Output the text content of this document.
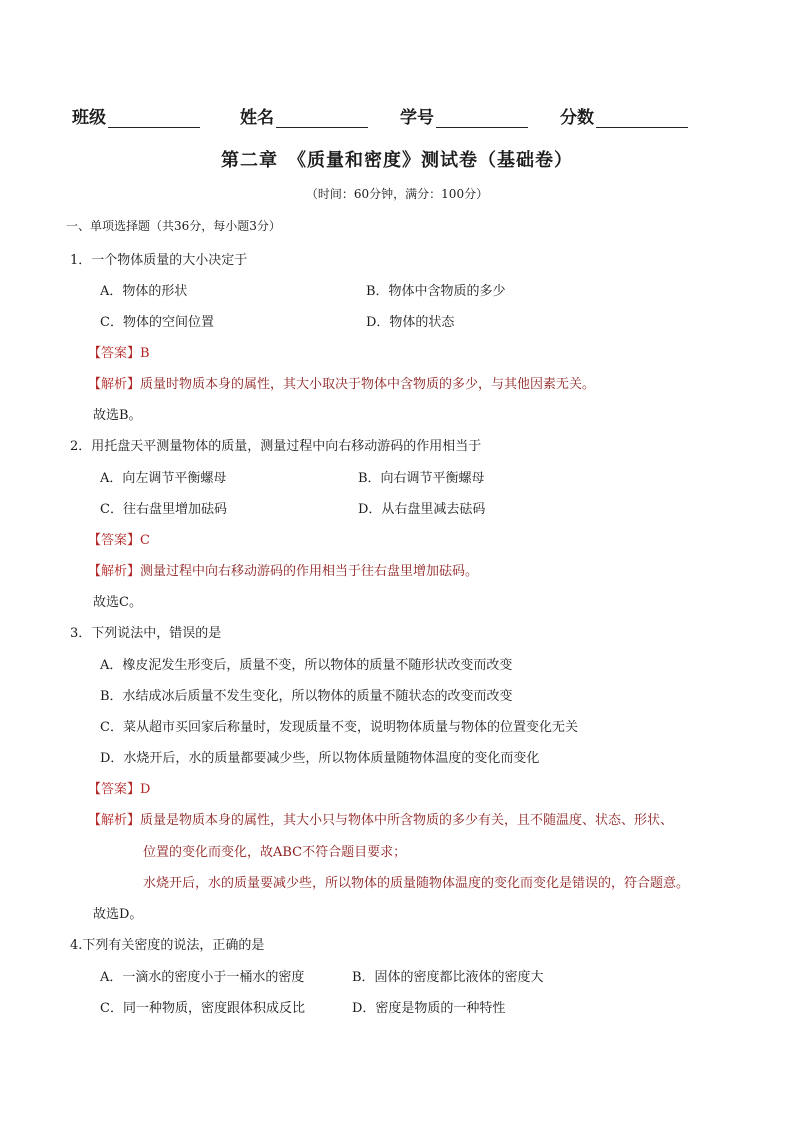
班级	姓名	学号	分数
第二章　《质量和密度》测试卷（基础卷）
（时间：60分钟，满分：100分）
一、单项选择题（共36分，每小题3分）
1．一个物体质量的大小决定于
A．物体的形状	B．物体中含物质的多少
C．物体的空间位置	D．物体的状态
【答案】B
【解析】质量时物质本身的属性，其大小取决于物体中含物质的多少，与其他因素无关。
故选B。
2．用托盘天平测量物体的质量，测量过程中向右移动游码的作用相当于
A．向左调节平衡螺母	B．向右调节平衡螺母
C．往右盘里增加砝码	D．从右盘里减去砝码
【答案】C
【解析】测量过程中向右移动游码的作用相当于往右盘里增加砝码。
故选C。
3．下列说法中，错误的是
A．橡皮泥发生形变后，质量不变，所以物体的质量不随形状改变而改变
B．水结成冰后质量不发生变化，所以物体的质量不随状态的改变而改变
C．菜从超市买回家后称量时，发现质量不变，说明物体质量与物体的位置变化无关
D．水烧开后，水的质量都要减少些，所以物体质量随物体温度的变化而变化
【答案】D
【解析】质量是物质本身的属性，其大小只与物体中所含物质的多少有关，且不随温度、状态、形状、
位置的变化而变化，故ABC不符合题目要求；
水烧开后，水的质量要减少些，所以物体的质量随物体温度的变化而变化是错误的，符合题意。
故选D。
4.下列有关密度的说法，正确的是
A．一滴水的密度小于一桶水的密度	B．固体的密度都比液体的密度大
C．同一种物质，密度跟体积成反比	D．密度是物质的一种特性
